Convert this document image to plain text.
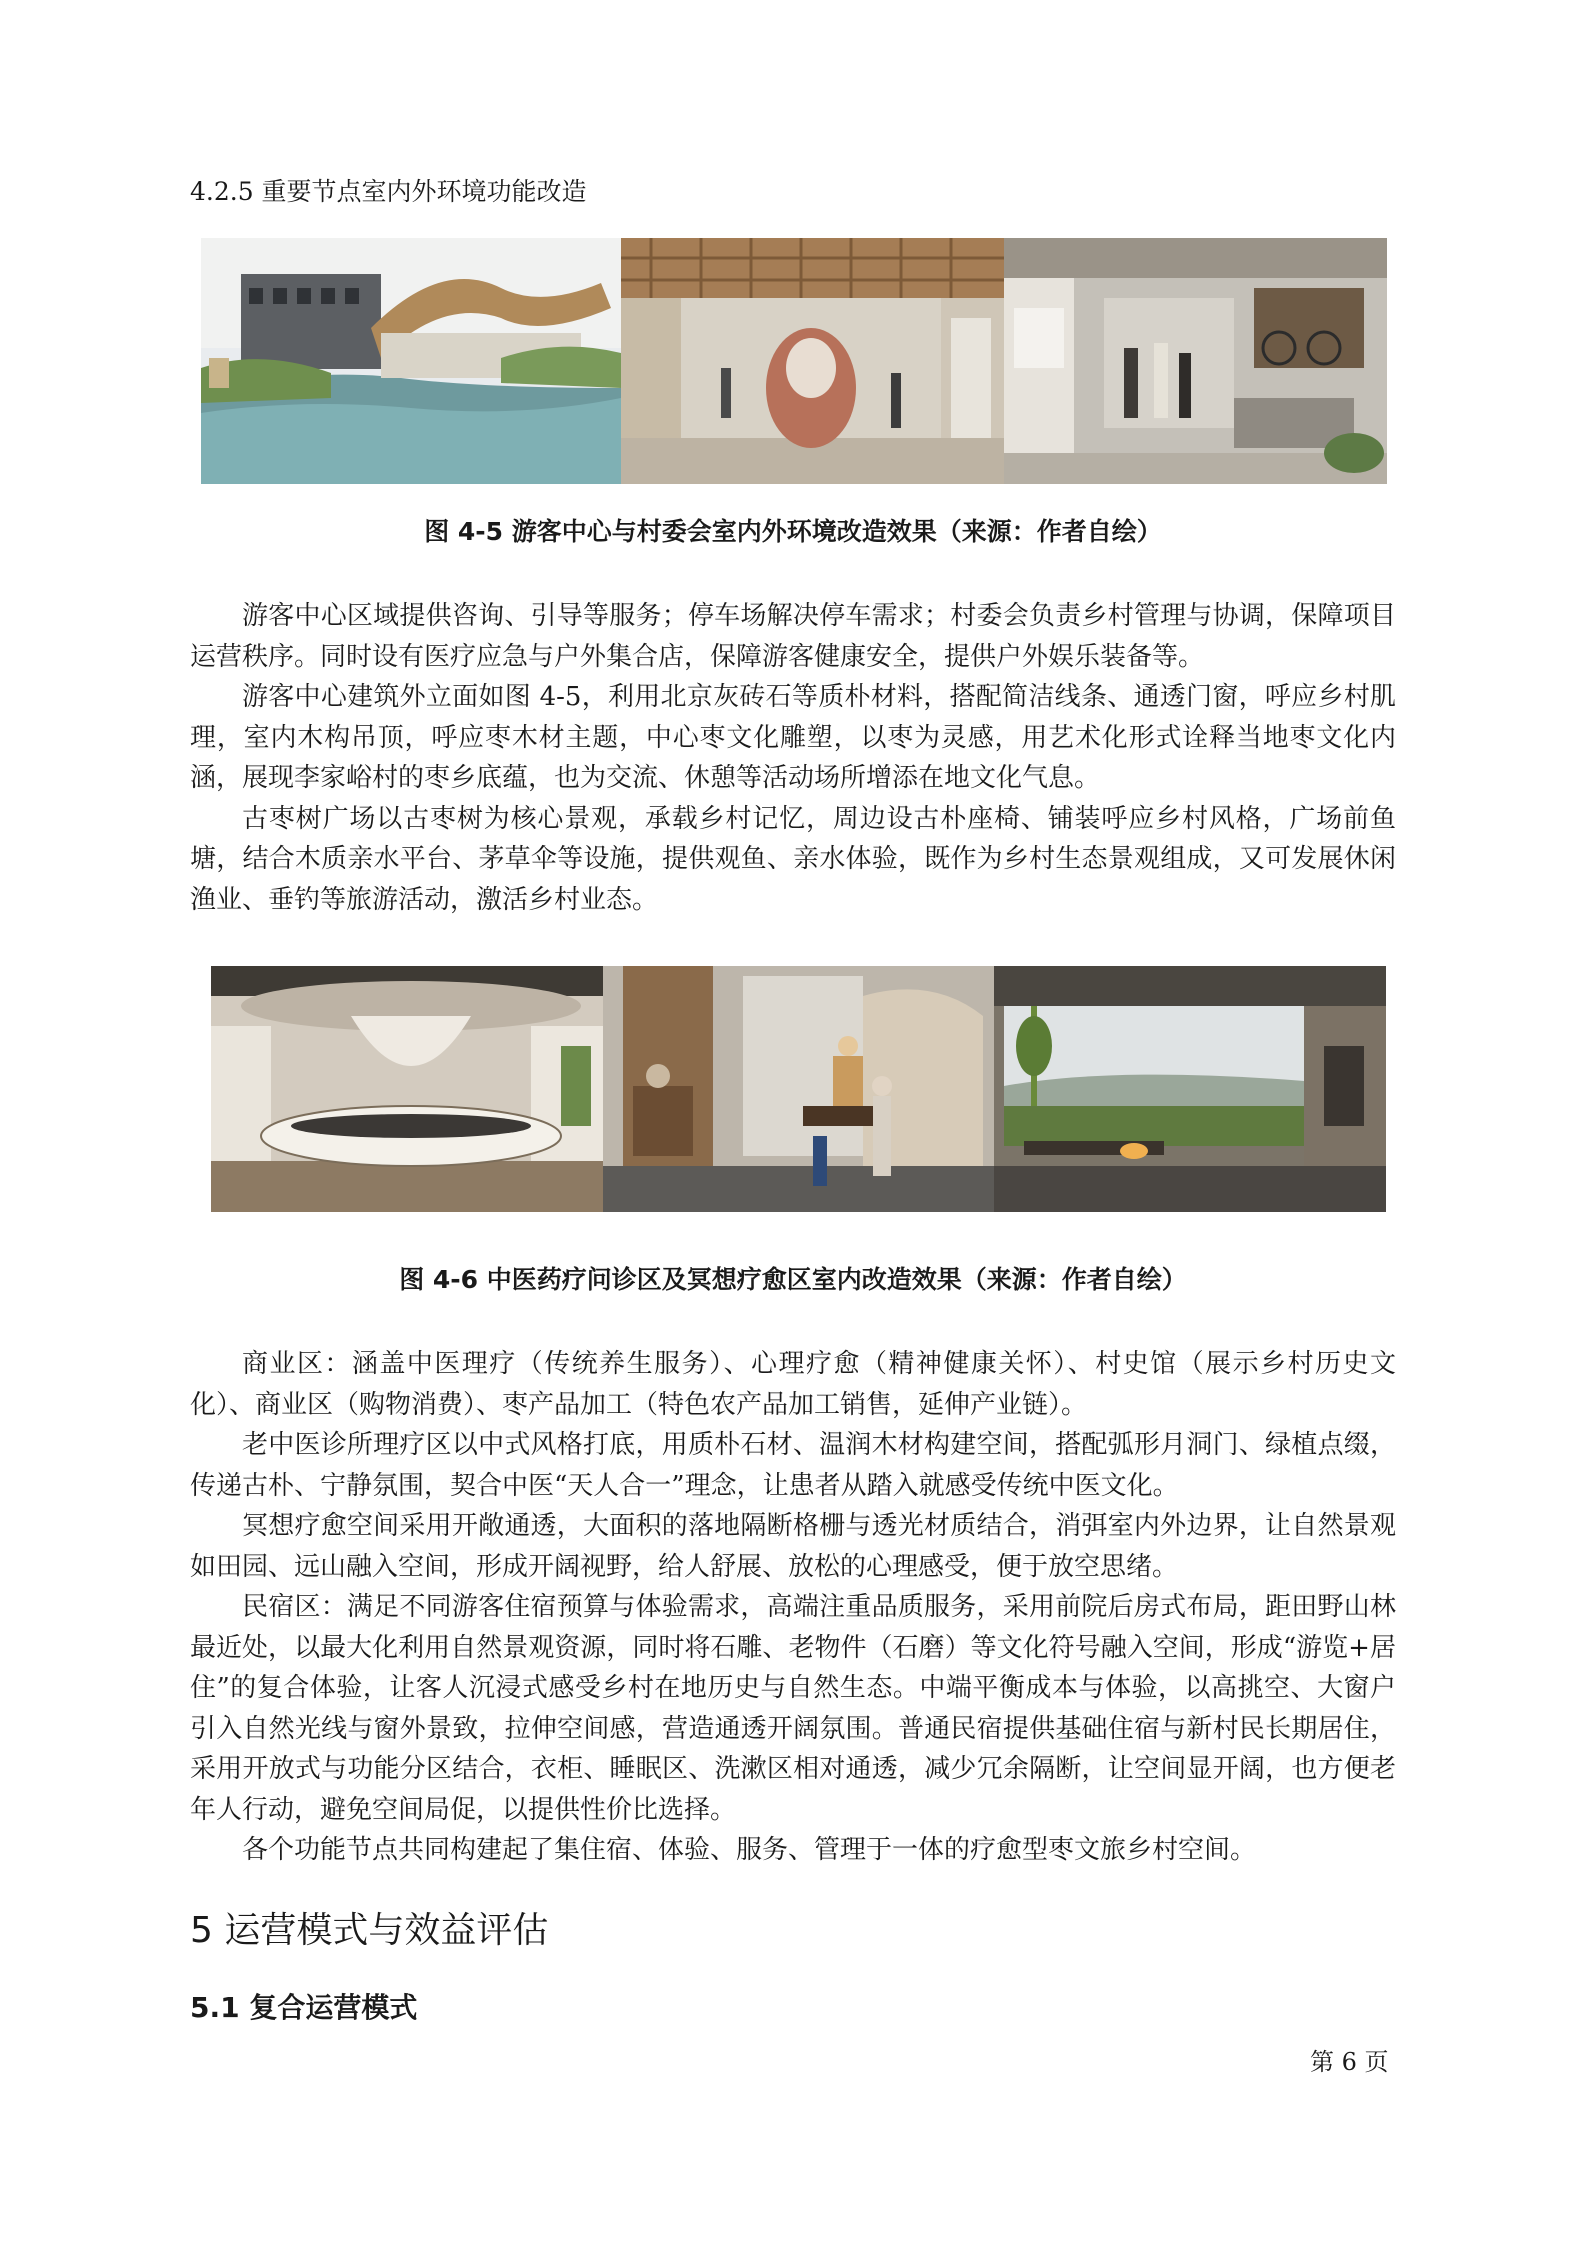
4.2.5 重要节点室内外环境功能改造
图 4-5 游客中心与村委会室内外环境改造效果（来源：作者自绘）

游客中心区域提供咨询、引导等服务；停车场解决停车需求；村委会负责乡村管理与协调，保障项目运营秩序。同时设有医疗应急与户外集合店，保障游客健康安全，提供户外娱乐装备等。

游客中心建筑外立面如图 4-5，利用北京灰砖石等质朴材料，搭配简洁线条、通透门窗，呼应乡村肌理，室内木构吊顶，呼应枣木材主题，中心枣文化雕塑，以枣为灵感，用艺术化形式诠释当地枣文化内涵，展现李家峪村的枣乡底蕴，也为交流、休憩等活动场所增添在地文化气息。

古枣树广场以古枣树为核心景观，承载乡村记忆，周边设古朴座椅、铺装呼应乡村风格，广场前鱼塘，结合木质亲水平台、茅草伞等设施，提供观鱼、亲水体验，既作为乡村生态景观组成，又可发展休闲渔业、垂钓等旅游活动，激活乡村业态。

图 4-6 中医药疗问诊区及冥想疗愈区室内改造效果（来源：作者自绘）

商业区：涵盖中医理疗（传统养生服务）、心理疗愈（精神健康关怀）、村史馆（展示乡村历史文化）、商业区（购物消费）、枣产品加工（特色农产品加工销售，延伸产业链）。

老中医诊所理疗区以中式风格打底，用质朴石材、温润木材构建空间，搭配弧形月洞门、绿植点缀，传递古朴、宁静氛围，契合中医“天人合一”理念，让患者从踏入就感受传统中医文化。

冥想疗愈空间采用开敞通透，大面积的落地隔断格栅与透光材质结合，消弭室内外边界，让自然景观如田园、远山融入空间，形成开阔视野，给人舒展、放松的心理感受，便于放空思绪。

民宿区：满足不同游客住宿预算与体验需求，高端注重品质服务，采用前院后房式布局，距田野山林最近处，以最大化利用自然景观资源，同时将石雕、老物件（石磨）等文化符号融入空间，形成“游览+居住”的复合体验，让客人沉浸式感受乡村在地历史与自然生态。中端平衡成本与体验，以高挑空、大窗户引入自然光线与窗外景致，拉伸空间感，营造通透开阔氛围。普通民宿提供基础住宿与新村民长期居住，采用开放式与功能分区结合，衣柜、睡眠区、洗漱区相对通透，减少冗余隔断，让空间显开阔，也方便老年人行动，避免空间局促，以提供性价比选择。

各个功能节点共同构建起了集住宿、体验、服务、管理于一体的疗愈型枣文旅乡村空间。

5 运营模式与效益评估
5.1 复合运营模式
第 6 页
